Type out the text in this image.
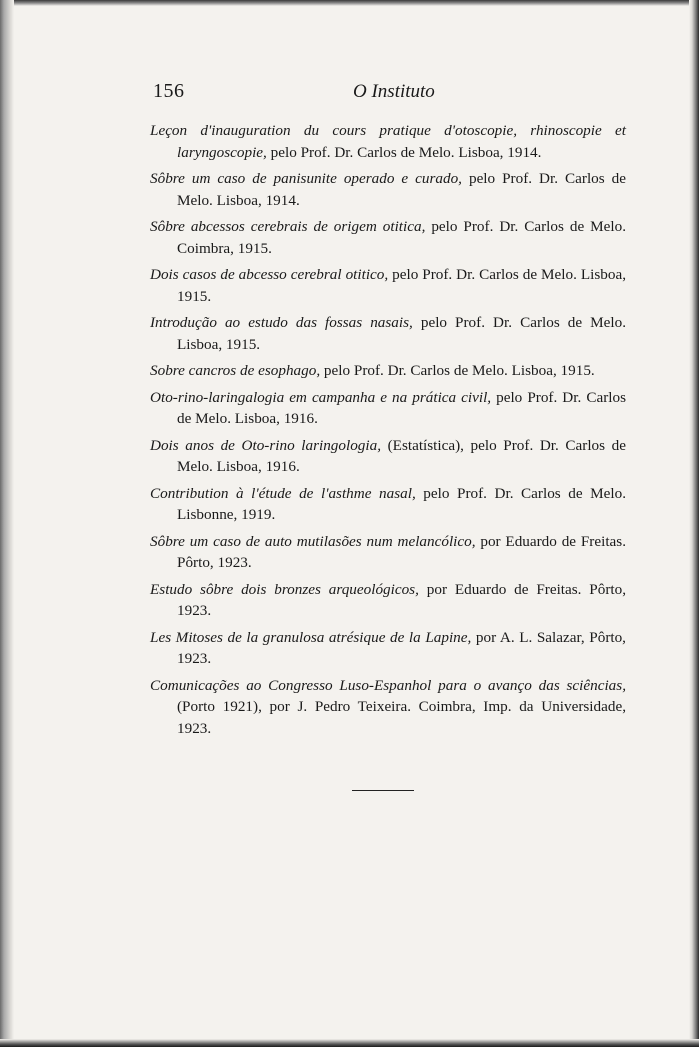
156	O Instituto

Leçon d'inauguration du cours pratique d'otoscopie, rhinoscopie et laryngoscopie, pelo Prof. Dr. Carlos de Melo. Lisboa, 1914.

Sôbre um caso de panisunite operado e curado, pelo Prof. Dr. Carlos de Melo. Lisboa, 1914.

Sôbre abcessos cerebrais de origem otitica, pelo Prof. Dr. Carlos de Melo. Coimbra, 1915.

Dois casos de abcesso cerebral otitico, pelo Prof. Dr. Carlos de Melo. Lisboa, 1915.

Introdução ao estudo das fossas nasais, pelo Prof. Dr. Carlos de Melo. Lisboa, 1915.

Sobre cancros de esophago, pelo Prof. Dr. Carlos de Melo. Lisboa, 1915.

Oto-rino-laringalogia em campanha e na prática civil, pelo Prof. Dr. Carlos de Melo. Lisboa, 1916.

Dois anos de Oto-rino laringologia, (Estatística), pelo Prof. Dr. Carlos de Melo. Lisboa, 1916.

Contribution à l'étude de l'asthme nasal, pelo Prof. Dr. Carlos de Melo. Lisbonne, 1919.

Sôbre um caso de auto mutilasões num melancólico, por Eduardo de Freitas. Pôrto, 1923.

Estudo sôbre dois bronzes arqueológicos, por Eduardo de Freitas. Pôrto, 1923.

Les Mitoses de la granulosa atrésique de la Lapine, por A. L. Salazar, Pôrto, 1923.

Comunicações ao Congresso Luso-Espanhol para o avanço das sciências, (Porto 1921), por J. Pedro Teixeira. Coimbra, Imp. da Universidade, 1923.
